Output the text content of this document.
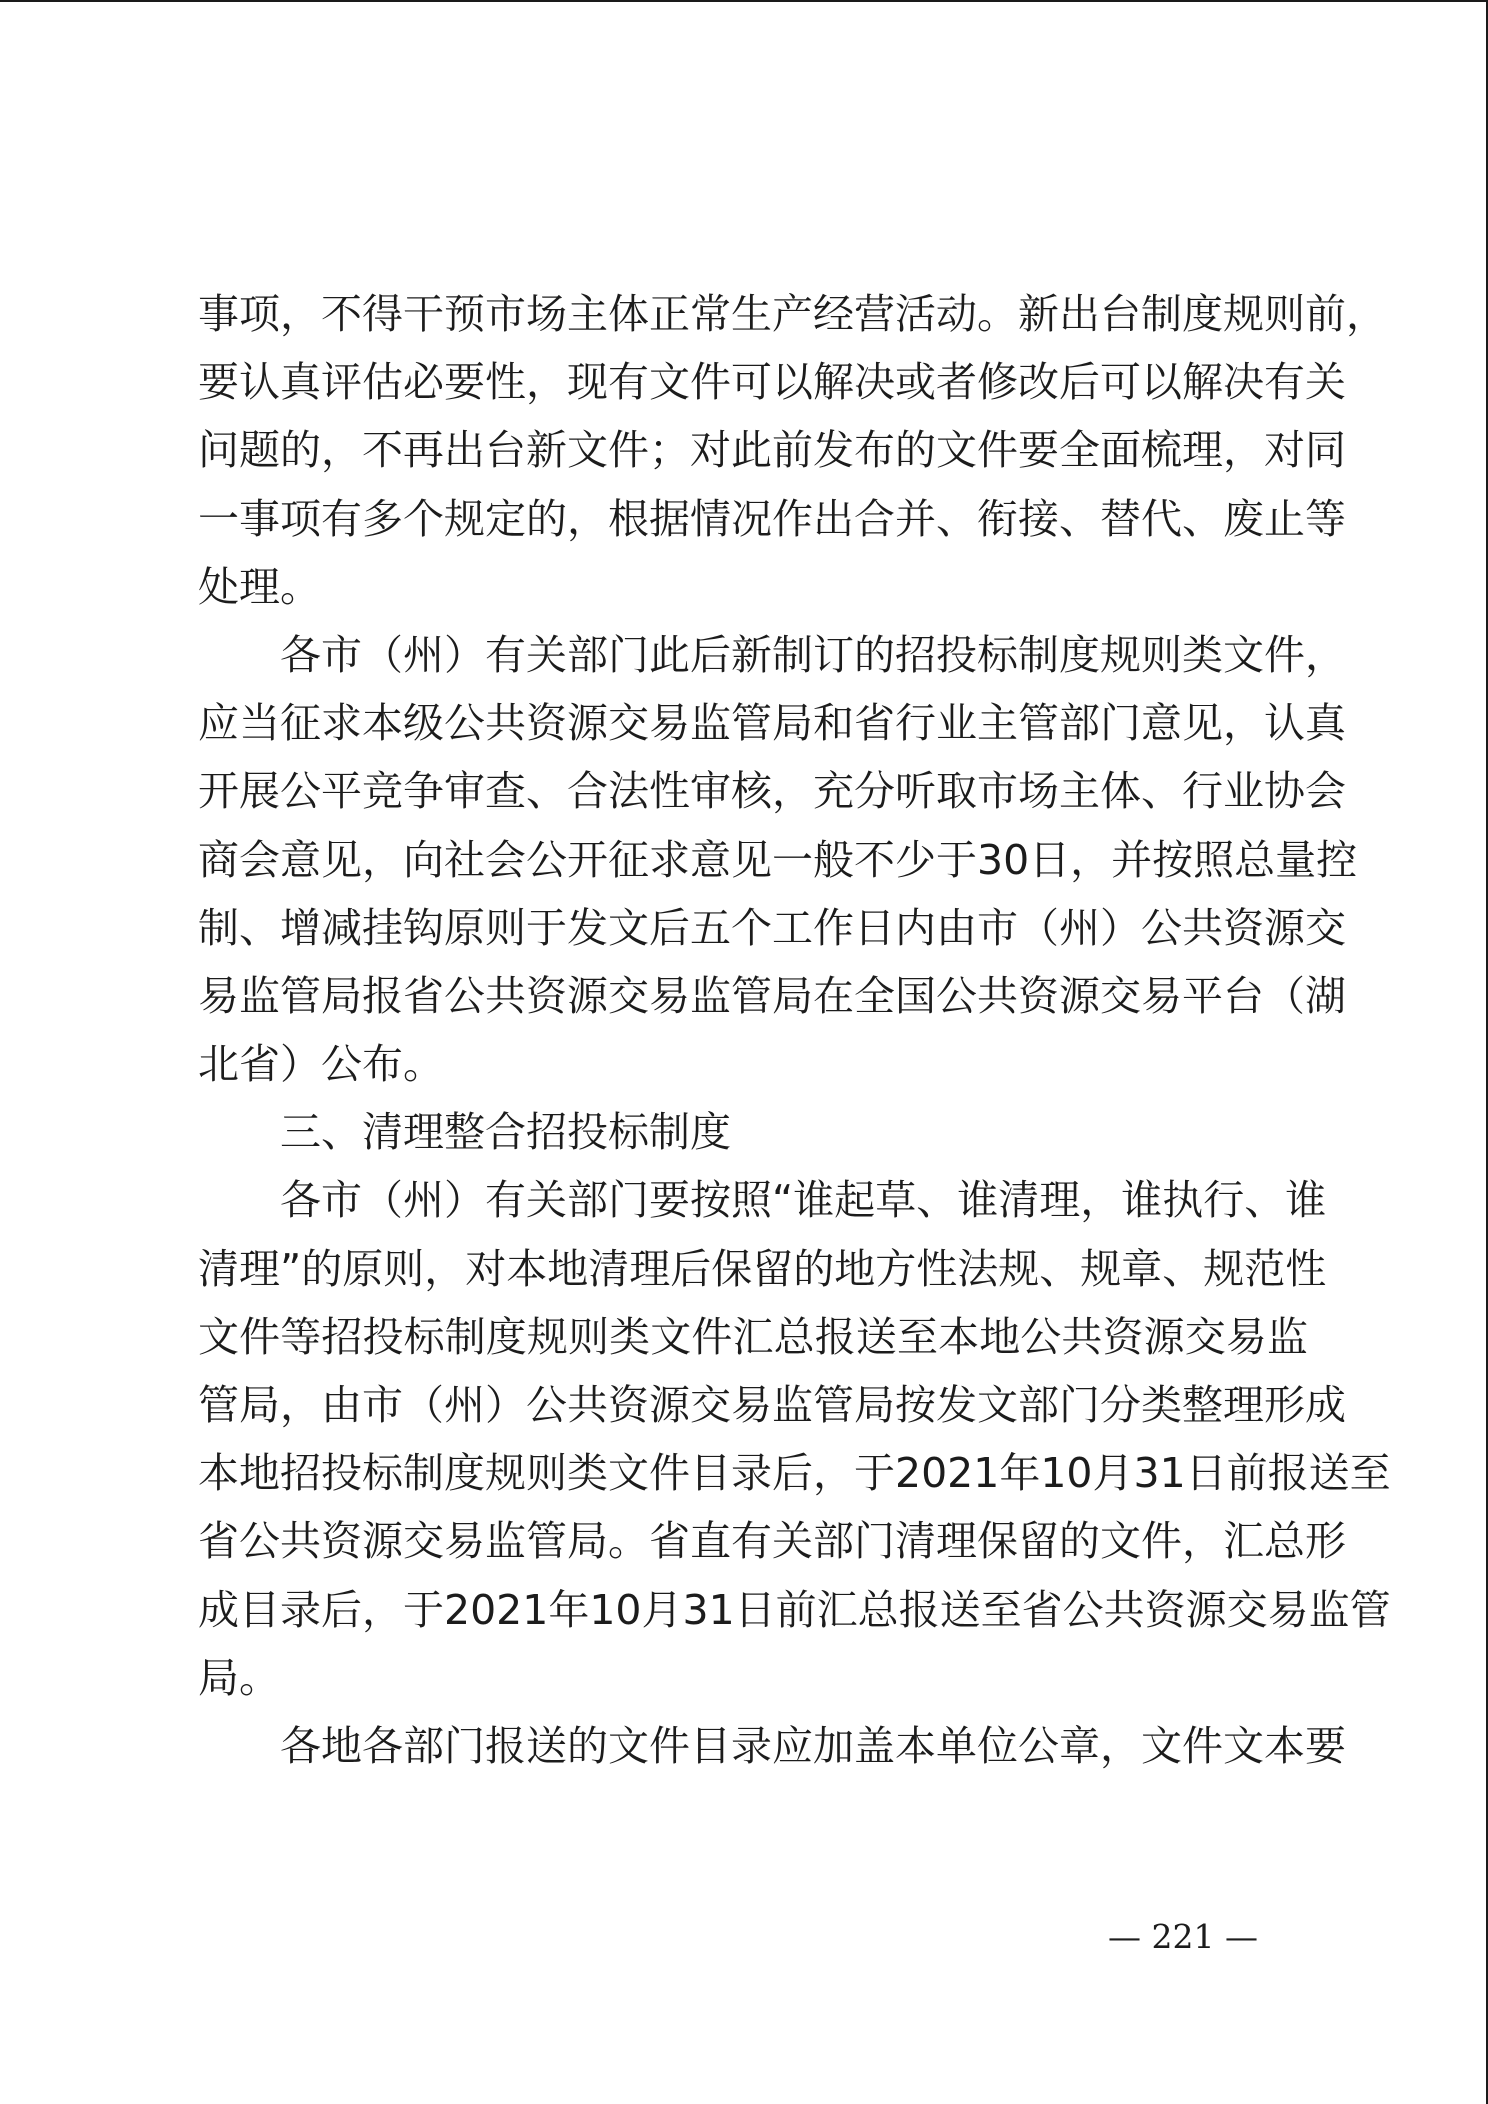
事项，不得干预市场主体正常生产经营活动。新出台制度规则前，
要认真评估必要性，现有文件可以解决或者修改后可以解决有关
问题的，不再出台新文件；对此前发布的文件要全面梳理，对同
一事项有多个规定的，根据情况作出合并、衔接、替代、废止等
处理。
各市（州）有关部门此后新制订的招投标制度规则类文件，
应当征求本级公共资源交易监管局和省行业主管部门意见，认真
开展公平竞争审查、合法性审核，充分听取市场主体、行业协会
商会意见，向社会公开征求意见一般不少于30日，并按照总量控
制、增减挂钩原则于发文后五个工作日内由市（州）公共资源交
易监管局报省公共资源交易监管局在全国公共资源交易平台（湖
北省）公布。
三、清理整合招投标制度
各市（州）有关部门要按照“谁起草、谁清理，谁执行、谁
清理”的原则，对本地清理后保留的地方性法规、规章、规范性
文件等招投标制度规则类文件汇总报送至本地公共资源交易监
管局，由市（州）公共资源交易监管局按发文部门分类整理形成
本地招投标制度规则类文件目录后，于2021年10月31日前报送至
省公共资源交易监管局。省直有关部门清理保留的文件，汇总形
成目录后，于2021年10月31日前汇总报送至省公共资源交易监管
局。
各地各部门报送的文件目录应加盖本单位公章，文件文本要
— 221 —
